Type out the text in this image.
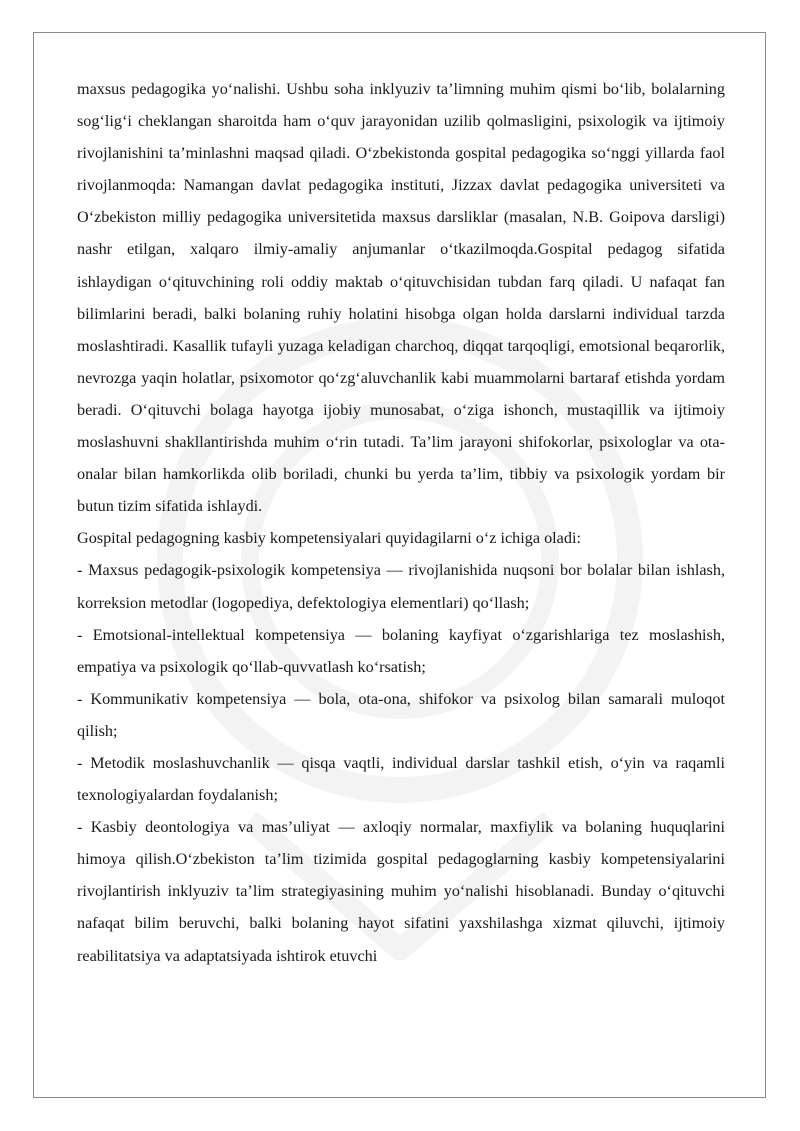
maxsus pedagogika yo‘nalishi. Ushbu soha inklyuziv ta’limning muhim qismi bo‘lib, bolalarning sog‘lig‘i cheklangan sharoitda ham o‘quv jarayonidan uzilib qolmasligini, psixologik va ijtimoiy rivojlanishini ta’minlashni maqsad qiladi. O‘zbekistonda gospital pedagogika so‘nggi yillarda faol rivojlanmoqda: Namangan davlat pedagogika instituti, Jizzax davlat pedagogika universiteti va O‘zbekiston milliy pedagogika universitetida maxsus darsliklar (masalan, N.B. Goipova darsligi) nashr etilgan, xalqaro ilmiy-amaliy anjumanlar o‘tkazilmoqda.Gospital pedagog sifatida ishlaydigan o‘qituvchining roli oddiy maktab o‘qituvchisidan tubdan farq qiladi. U nafaqat fan bilimlarini beradi, balki bolaning ruhiy holatini hisobga olgan holda darslarni individual tarzda moslashtiradi. Kasallik tufayli yuzaga keladigan charchoq, diqqat tarqoqligi, emotsional beqarorlik, nevrozga yaqin holatlar, psixomotor qo‘zg‘aluvchanlik kabi muammolarni bartaraf etishda yordam beradi. O‘qituvchi bolaga hayotga ijobiy munosabat, o‘ziga ishonch, mustaqillik va ijtimoiy moslashuvni shakllantirishda muhim o‘rin tutadi. Ta’lim jarayoni shifokorlar, psixologlar va ota-onalar bilan hamkorlikda olib boriladi, chunki bu yerda ta’lim, tibbiy va psixologik yordam bir butun tizim sifatida ishlaydi.

Gospital pedagogning kasbiy kompetensiyalari quyidagilarni o‘z ichiga oladi:

- Maxsus pedagogik-psixologik kompetensiya — rivojlanishida nuqsoni bor bolalar bilan ishlash, korreksion metodlar (logopediya, defektologiya elementlari) qo‘llash;

- Emotsional-intellektual kompetensiya — bolaning kayfiyat o‘zgarishlariga tez moslashish, empatiya va psixologik qo‘llab-quvvatlash ko‘rsatish;

- Kommunikativ kompetensiya — bola, ota-ona, shifokor va psixolog bilan samarali muloqot qilish;

- Metodik moslashuvchanlik — qisqa vaqtli, individual darslar tashkil etish, o‘yin va raqamli texnologiyalardan foydalanish;

- Kasbiy deontologiya va mas’uliyat — axloqiy normalar, maxfiylik va bolaning huquqlarini himoya qilish.O‘zbekiston ta’lim tizimida gospital pedagoglarning kasbiy kompetensiyalarini rivojlantirish inklyuziv ta’lim strategiyasining muhim yo‘nalishi hisoblanadi. Bunday o‘qituvchi nafaqat bilim beruvchi, balki bolaning hayot sifatini yaxshilashga xizmat qiluvchi, ijtimoiy reabilitatsiya va adaptatsiyada ishtirok etuvchi
